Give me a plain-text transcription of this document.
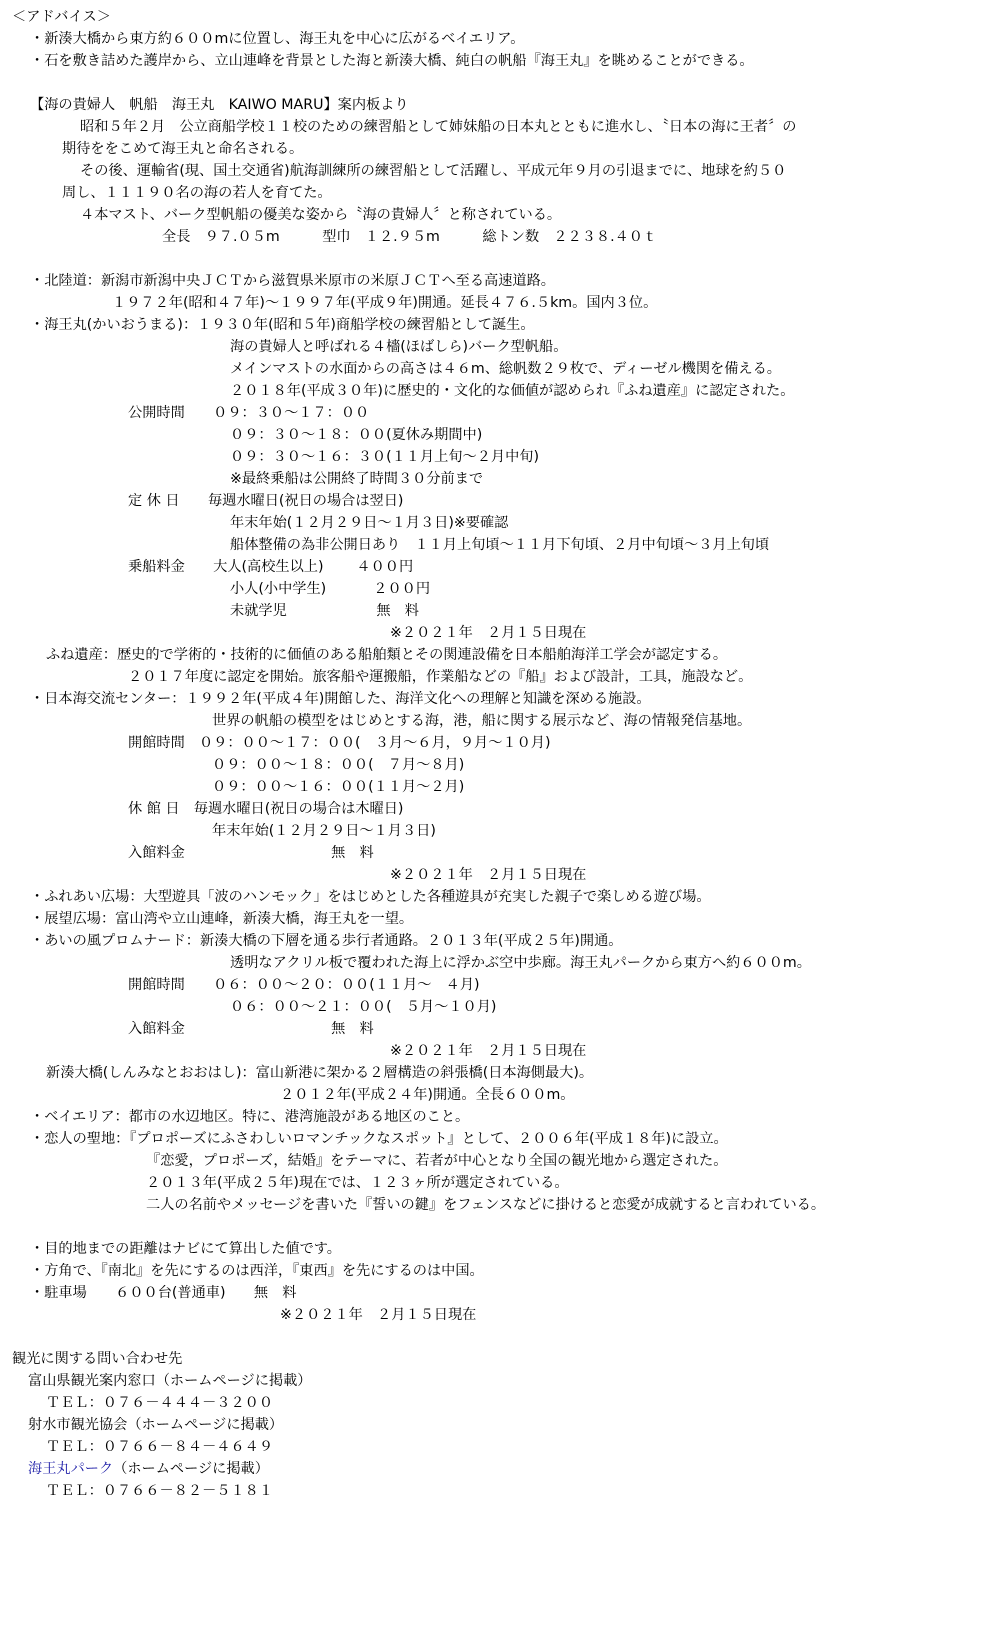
＜アドバイス＞
・新湊大橋から東方約６００mに位置し、海王丸を中心に広がるベイエリア。
・石を敷き詰めた護岸から、立山連峰を背景とした海と新湊大橋、純白の帆船『海王丸』を眺めることができる。
【海の貴婦人　帆船　海王丸　KAIWO MARU】案内板より
昭和５年２月　公立商船学校１１校のための練習船として姉妹船の日本丸とともに進水し、〝日本の海に王者〞の
期待ををこめて海王丸と命名される。
その後、運輸省(現、国土交通省)航海訓練所の練習船として活躍し、平成元年９月の引退までに、地球を約５０
周し、１１１９０名の海の若人を育てた。
４本マスト、バーク型帆船の優美な姿から〝海の貴婦人〞と称されている。
全長　９７.０５m　　　型巾　１２.９５m　　　総トン数　２２３８.４０ｔ
・北陸道：新潟市新潟中央ＪＣＴから滋賀県米原市の米原ＪＣＴへ至る高速道路。
１９７２年(昭和４７年)～１９９７年(平成９年)開通。延長４７６.５km。国内３位。
・海王丸(かいおうまる)：１９３０年(昭和５年)商船学校の練習船として誕生。
海の貴婦人と呼ばれる４檣(ほばしら)バーク型帆船。
メインマストの水面からの高さは４６m、総帆数２９枚で、ディーゼル機関を備える。
２０１８年(平成３０年)に歴史的・文化的な価値が認められ『ふね遺産』に認定された。
公開時間　　０９：３０～１７：００
０９：３０～１８：００(夏休み期間中)
０９：３０～１６：３０(１１月上旬～２月中旬)
※最終乗船は公開終了時間３０分前まで
定 休 日　　毎週水曜日(祝日の場合は翌日)
年末年始(１２月２９日～１月３日)※要確認
船体整備の為非公開日あり　１１月上旬頃～１１月下旬頃、２月中旬頃～３月上旬頃
乗船料金　　大人(高校生以上)　　 ４００円
小人(小中学生)　　　 ２００円
未就学児　　　　　　 無　料
※２０２１年　２月１５日現在
ふね遺産：歴史的で学術的・技術的に価値のある船舶類とその関連設備を日本船舶海洋工学会が認定する。
２０１７年度に認定を開始。旅客船や運搬船，作業船などの『船』および設計，工具，施設など。
・日本海交流センター：１９９２年(平成４年)開館した、海洋文化への理解と知識を深める施設。
世界の帆船の模型をはじめとする海，港，船に関する展示など、海の情報発信基地。
開館時間　０９：００～１７：００(　３月～６月，９月～１０月)
０９：００～１８：００(　７月～８月)
０９：００～１６：００(１１月～２月)
休 館 日　毎週水曜日(祝日の場合は木曜日)
年末年始(１２月２９日～１月３日)
入館料金　　　　　　　　　　 無　料
※２０２１年　２月１５日現在
・ふれあい広場：大型遊具「波のハンモック」をはじめとした各種遊具が充実した親子で楽しめる遊び場。
・展望広場：富山湾や立山連峰，新湊大橋，海王丸を一望。
・あいの風プロムナード：新湊大橋の下層を通る歩行者通路。２０１３年(平成２５年)開通。
透明なアクリル板で覆われた海上に浮かぶ空中歩廊。海王丸パークから東方へ約６００m。
開館時間　　０６：００～２０：００(１１月～　４月)
０６：００～２１：００(　５月～１０月)
入館料金　　　　　　　　　　 無　料
※２０２１年　２月１５日現在
新湊大橋(しんみなとおおはし)：富山新港に架かる２層構造の斜張橋(日本海側最大)。
２０１２年(平成２４年)開通。全長６００m。
・ベイエリア：都市の水辺地区。特に、港湾施設がある地区のこと。
・恋人の聖地：『プロポーズにふさわしいロマンチックなスポット』として、２００６年(平成１８年)に設立。
『恋愛，プロポーズ，結婚』をテーマに、若者が中心となり全国の観光地から選定された。
２０１３年(平成２５年)現在では、１２３ヶ所が選定されている。
二人の名前やメッセージを書いた『誓いの鍵』をフェンスなどに掛けると恋愛が成就すると言われている。
・目的地までの距離はナビにて算出した値です。
・方角で、『南北』を先にするのは西洋，『東西』を先にするのは中国。
・駐車場　　６００台(普通車)　　無　料
※２０２１年　２月１５日現在
観光に関する問い合わせ先
富山県観光案内窓口（ホームページに掲載）
ＴＥＬ：０７６－４４４－３２００
射水市観光協会（ホームページに掲載）
ＴＥＬ：０７６６－８４－４６４９
海王丸パーク（ホームページに掲載）
ＴＥＬ：０７６６－８２－５１８１
